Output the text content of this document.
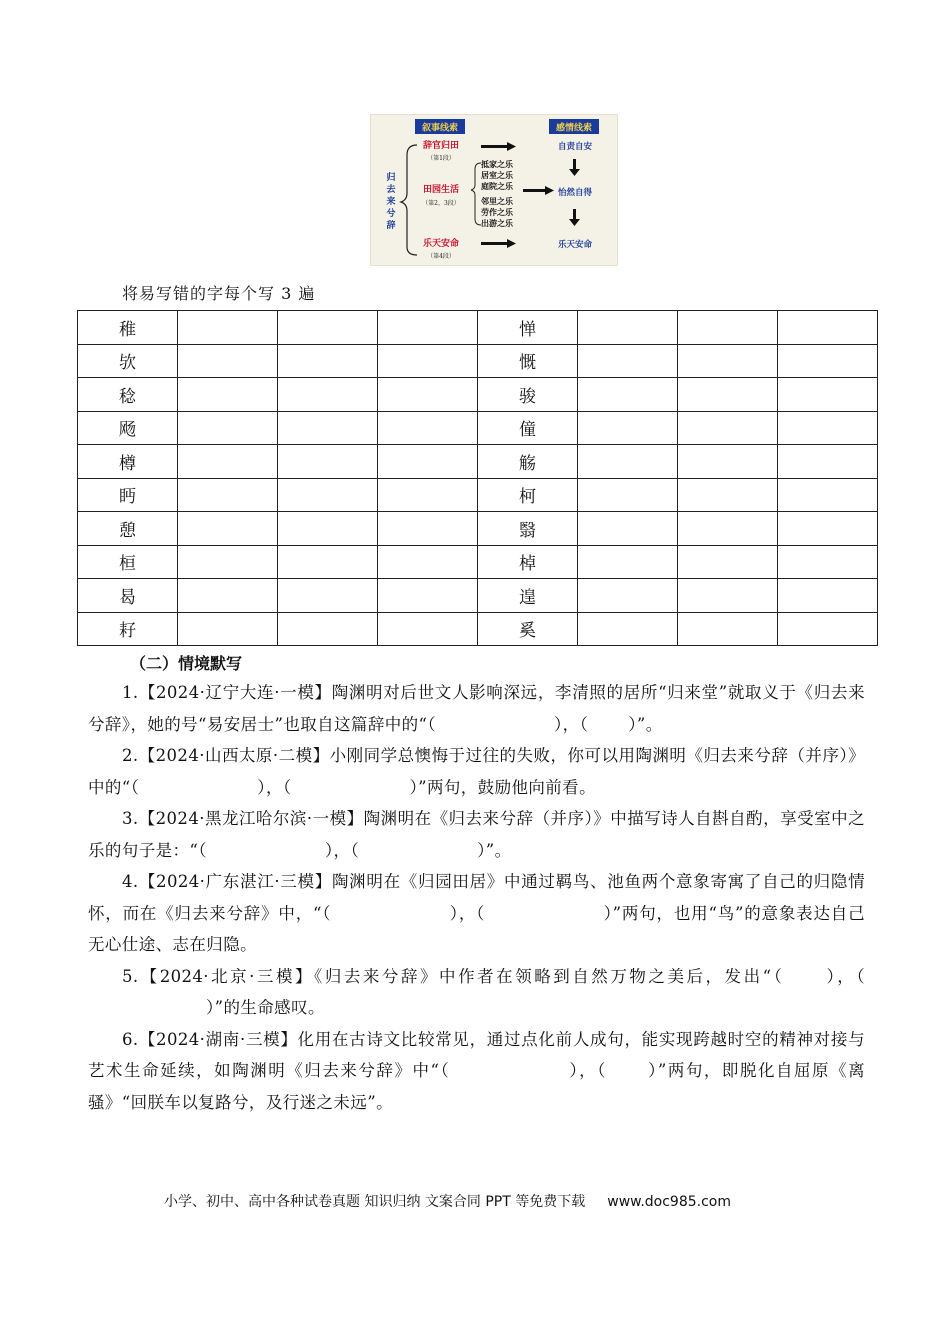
叙事线索	感情线索
归
去
来
兮
辞
辞官归田
（第1段）
田园生活
（第2、3段）
乐天安命
（第4段）
抵家之乐
居室之乐
庭院之乐
邻里之乐
劳作之乐
出游之乐
自责自安
怡然自得
乐天安命
将易写错的字每个写 3 遍
稚				惮			
欤				慨			
稔				骏			
飏				僮			
樽				觞			
眄				柯			
憩				翳			
桓				棹			
曷				遑			
耔				奚			
（二）情境默写

1.【2024·辽宁大连·一模】陶渊明对后世文人影响深远，李清照的居所“归来堂”就取义于《归去来兮辞》，她的号“易安居士”也取自这篇辞中的“（	），（ ）”。

2.【2024·山西太原·二模】小刚同学总懊悔于过往的失败，你可以用陶渊明《归去来兮辞（并序）》中的“（	），（	）”两句，鼓励他向前看。

3.【2024·黑龙江哈尔滨·一模】陶渊明在《归去来兮辞（并序）》中描写诗人自斟自酌，享受室中之乐的句子是：“（	），（	）”。

4.【2024·广东湛江·三模】陶渊明在《归园田居》中通过羁鸟、池鱼两个意象寄寓了自己的归隐情怀，而在《归去来兮辞》中，“（	），（	）”两句，也用“鸟”的意象表达自己无心仕途、志在归隐。

5.【2024·北京·三模】《归去来兮辞》中作者在领略到自然万物之美后，发出“（ ），（）”的生命感叹。

6.【2024·湖南·三模】化用在古诗文比较常见，通过点化前人成句，能实现跨越时空的精神对接与艺术生命延续，如陶渊明《归去来兮辞》中“（	），（ ）”两句，即脱化自屈原《离骚》“回朕车以复路兮，及行迷之未远”。

小学、初中、高中各种试卷真题 知识归纳 文案合同 PPT 等免费下载 www.doc985.com
